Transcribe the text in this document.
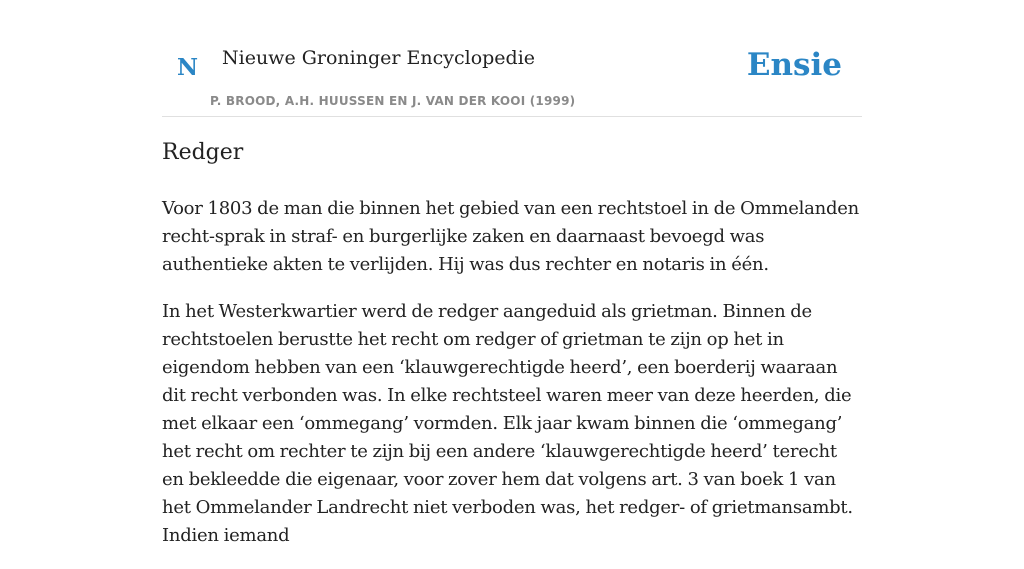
N Nieuwe Groninger Encyclopedie
P. BROOD, A.H. HUUSSEN EN J. VAN DER KOOI (1999)
Ensie
Redger

Voor 1803 de man die binnen het gebied van een rechtstoel in de Ommelanden recht-sprak in straf- en burgerlijke zaken en daarnaast bevoegd was authentieke akten te verlijden. Hij was dus rechter en notaris in één.

In het Westerkwartier werd de redger aangeduid als grietman. Binnen de rechtstoelen berustte het recht om redger of grietman te zijn op het in eigendom hebben van een ‘klauwgerechtigde heerd’, een boerderij waaraan dit recht verbonden was. In elke rechtsteel waren meer van deze heerden, die met elkaar een ‘ommegang’ vormden. Elk jaar kwam binnen die ‘ommegang’ het recht om rechter te zijn bij een andere ‘klauwgerechtigde heerd’ terecht en bekleedde die eigenaar, voor zover hem dat volgens art. 3 van boek 1 van het Ommelander Landrecht niet verboden was, het redger- of grietmansambt. Indien iemand
